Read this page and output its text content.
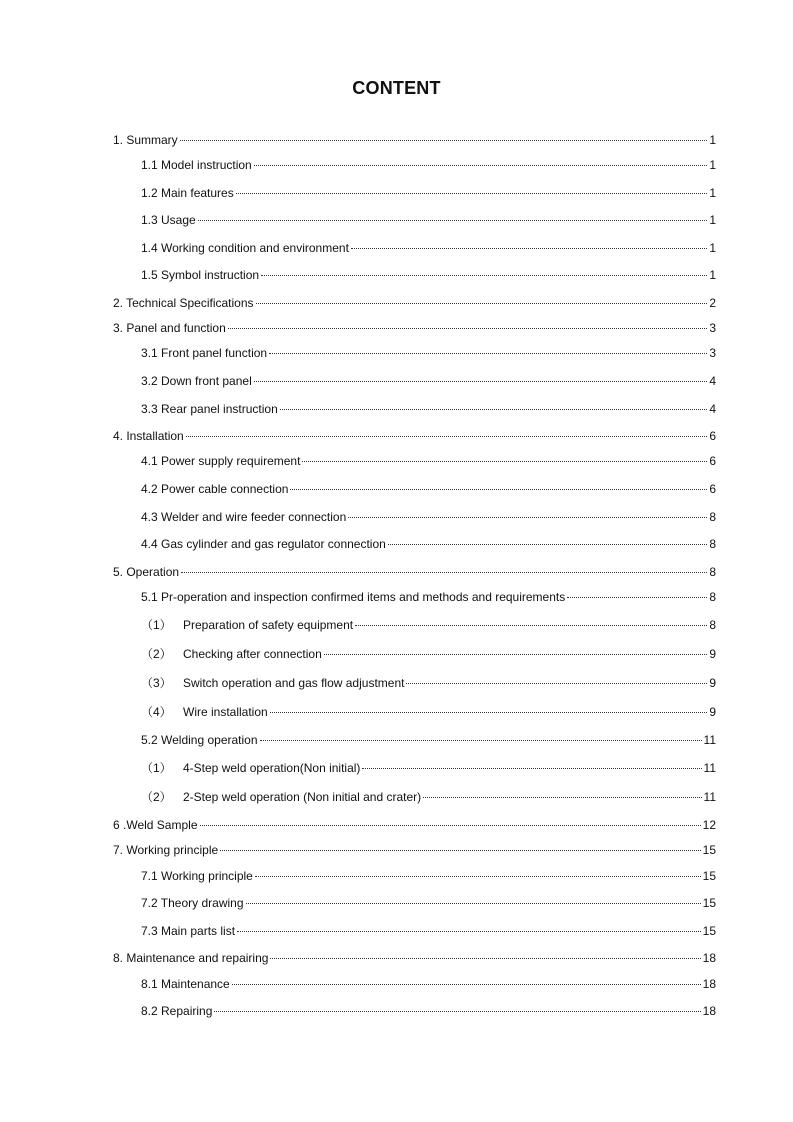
CONTENT
1. Summary	1
1.1 Model instruction	1
1.2 Main features	1
1.3 Usage	1
1.4 Working condition and environment	1
1.5 Symbol instruction	1
2. Technical Specifications	2
3. Panel and function	3
3.1 Front panel function	3
3.2 Down front panel	4
3.3 Rear panel instruction	4
4. Installation	6
4.1 Power supply requirement	6
4.2 Power cable connection	6
4.3 Welder and wire feeder connection	8
4.4 Gas cylinder and gas regulator connection	8
5. Operation	8
5.1 Pr-operation and inspection confirmed items and methods and requirements	8
（1） Preparation of safety equipment	8
（2） Checking after connection	9
（3） Switch operation and gas flow adjustment	9
（4） Wire installation	9
5.2 Welding operation	11
（1） 4-Step weld operation(Non initial)	11
（2） 2-Step weld operation (Non initial and crater)	11
6 .Weld Sample	12
7. Working principle	15
7.1 Working principle	15
7.2 Theory drawing	15
7.3 Main parts list	15
8. Maintenance and repairing	18
8.1 Maintenance	18
8.2 Repairing	18
